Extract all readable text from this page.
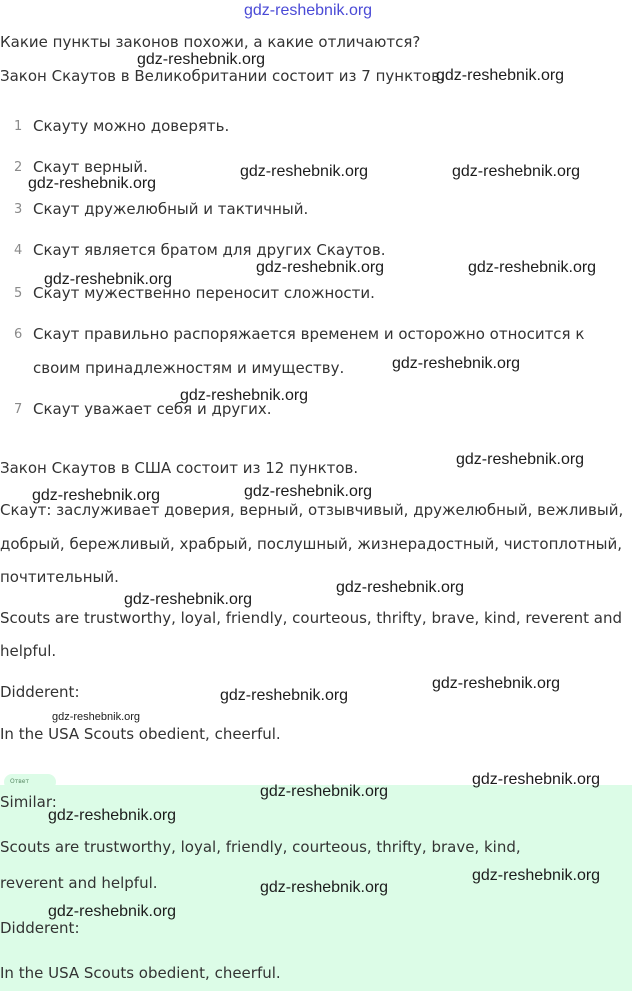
gdz-reshebnik.org
Какие пункты законов похожи, а какие отличаются?
Закон Скаутов в Великобритании состоит из 7 пунктов.
1 Скауту можно доверять.
2 Скаут верный.
3 Скаут дружелюбный и тактичный.
4 Скаут является братом для других Скаутов.
5 Скаут мужественно переносит сложности.
6 Скаут правильно распоряжается временем и осторожно относится к
своим принадлежностям и имуществу.
7 Скаут уважает себя и других.
Закон Скаутов в США состоит из 12 пунктов.
Скаут: заслуживает доверия, верный, отзывчивый, дружелюбный, вежливый,
добрый, бережливый, храбрый, послушный, жизнерадостный, чистоплотный,
почтительный.
Scouts are trustworthy, loyal, friendly, courteous, thrifty, brave, kind, reverent and
helpful.
Didderent:
In the USA Scouts obedient, cheerful.
Ответ
Similar:
Scouts are trustworthy, loyal, friendly, courteous, thrifty, brave, kind,
reverent and helpful.
Didderent:
In the USA Scouts obedient, cheerful.
gdz-reshebnik.org
gdz-reshebnik.org
gdz-reshebnik.org	gdz-reshebnik.org
gdz-reshebnik.org
gdz-reshebnik.org	gdz-reshebnik.org
gdz-reshebnik.org
gdz-reshebnik.org
gdz-reshebnik.org
gdz-reshebnik.org
gdz-reshebnik.org
gdz-reshebnik.org
gdz-reshebnik.org
gdz-reshebnik.org
gdz-reshebnik.org
gdz-reshebnik.org
gdz-reshebnik.org
gdz-reshebnik.org
gdz-reshebnik.org
gdz-reshebnik.org
gdz-reshebnik.org
gdz-reshebnik.org
gdz-reshebnik.org
